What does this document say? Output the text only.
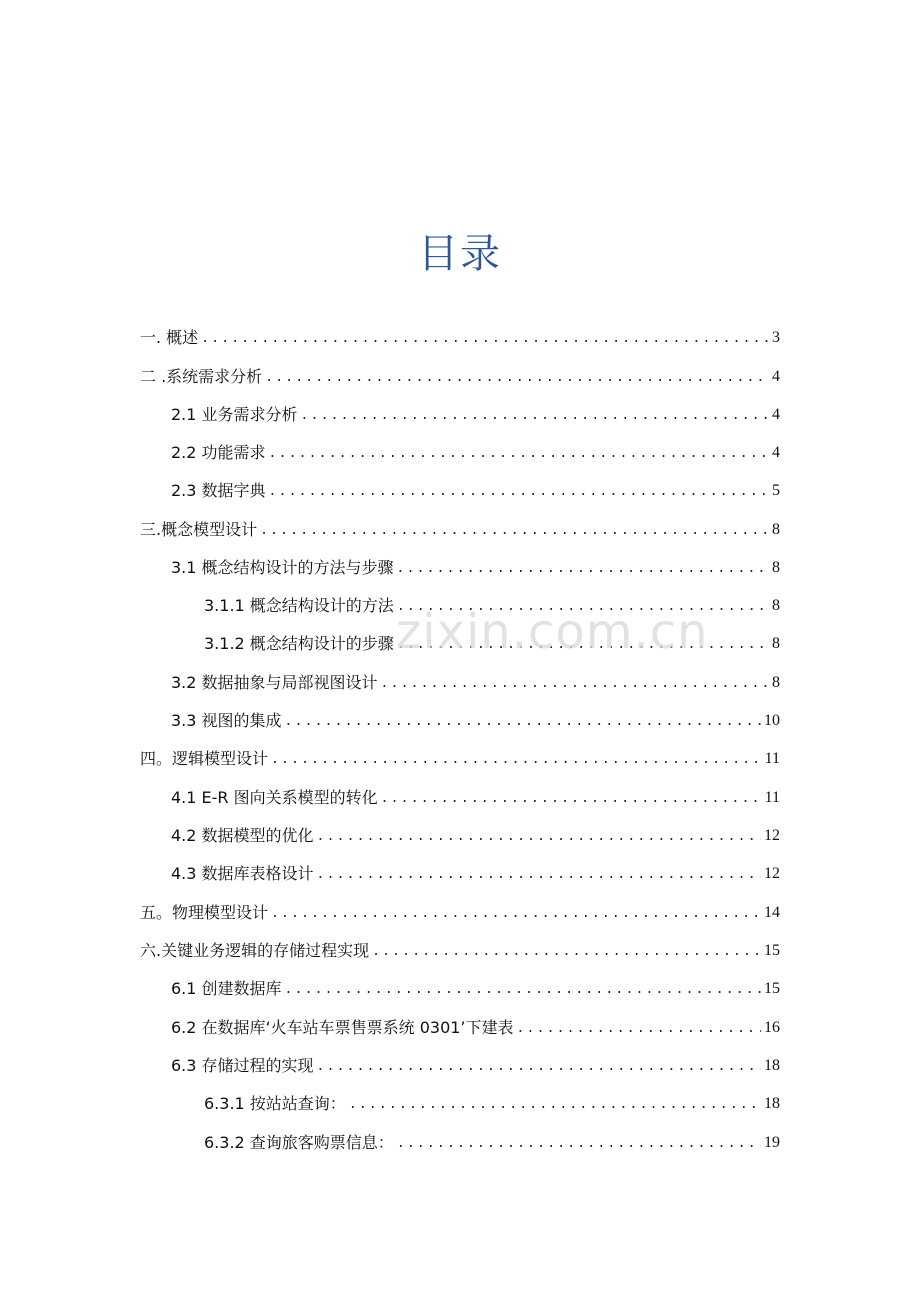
目录
一. 概述 .....	3
二 .系统需求分析 .....	4
2.1 业务需求分析 .....	4
2.2 功能需求 .....	4
2.3 数据字典 .....	5
三.概念模型设计 .....	8
3.1 概念结构设计的方法与步骤 .....	8
3.1.1 概念结构设计的方法 .....	8
3.1.2 概念结构设计的步骤 .....	8
3.2 数据抽象与局部视图设计 .....	8
3.3 视图的集成 .....	10
四。逻辑模型设计 .....	11
4.1 E-R 图向关系模型的转化 .....	11
4.2 数据模型的优化 .....	12
4.3 数据库表格设计 .....	12
五。物理模型设计 .....	14
六.关键业务逻辑的存储过程实现 .....	15
6.1 创建数据库 .....	15
6.2 在数据库‘火车站车票售票系统 0301’下建表 .....	16
6.3 存储过程的实现 .....	18
6.3.1 按站站查询： .....	18
6.3.2 查询旅客购票信息： .....	19
zixin.com.cn
